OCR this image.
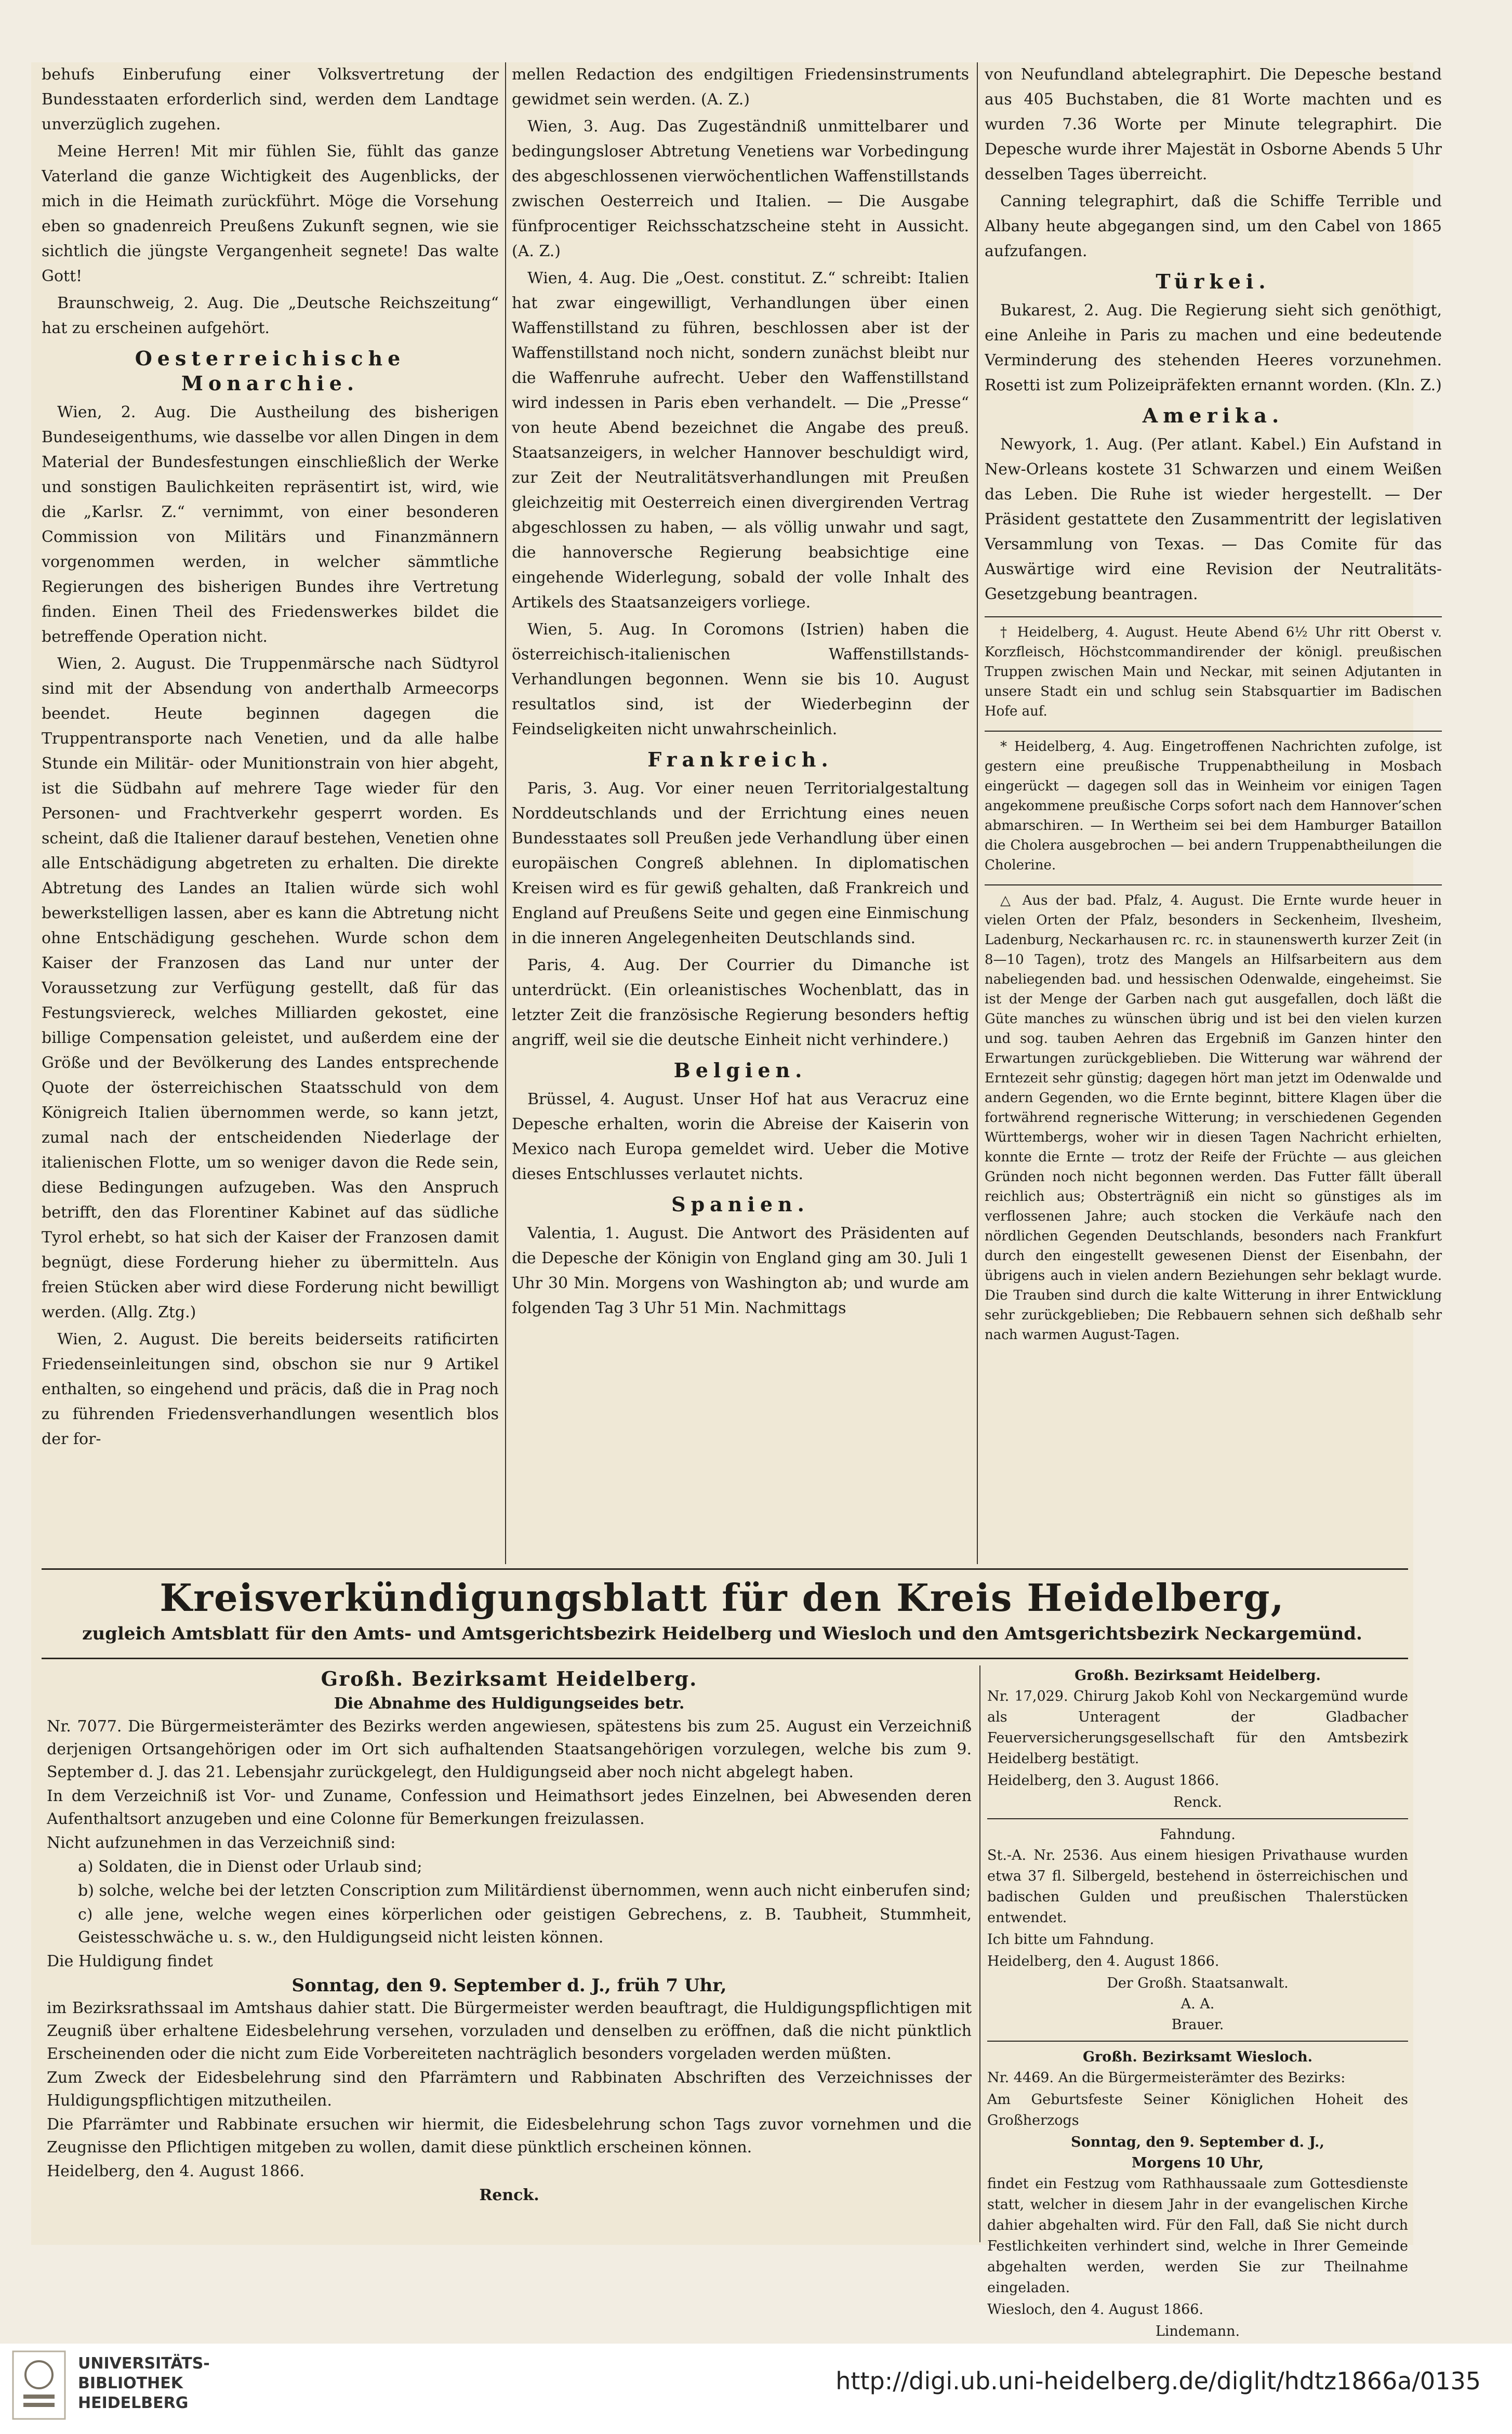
behufs Einberufung einer Volksvertretung der Bundesstaaten erforderlich sind, werden dem Landtage unverzüglich zugehen.

Meine Herren! Mit mir fühlen Sie, fühlt das ganze Vaterland die ganze Wichtigkeit des Augenblicks, der mich in die Heimath zurückführt. Möge die Vorsehung eben so gnadenreich Preußens Zukunft segnen, wie sie sichtlich die jüngste Vergangenheit segnete! Das walte Gott!

Braunschweig, 2. Aug. Die „Deutsche Reichszeitung“ hat zu erscheinen aufgehört.

Oesterreichische Monarchie.

Wien, 2. Aug. Die Austheilung des bisherigen Bundeseigenthums, wie dasselbe vor allen Dingen in dem Material der Bundesfestungen einschließlich der Werke und sonstigen Baulichkeiten repräsentirt ist, wird, wie die „Karlsr. Z.“ vernimmt, von einer besonderen Commission von Militärs und Finanzmännern vorgenommen werden, in welcher sämmtliche Regierungen des bisherigen Bundes ihre Vertretung finden. Einen Theil des Friedenswerkes bildet die betreffende Operation nicht.

Wien, 2. August. Die Truppenmärsche nach Südtyrol sind mit der Absendung von anderthalb Armeecorps beendet. Heute beginnen dagegen die Truppentransporte nach Venetien, und da alle halbe Stunde ein Militär- oder Munitionstrain von hier abgeht, ist die Südbahn auf mehrere Tage wieder für den Personen- und Frachtverkehr gesperrt worden. Es scheint, daß die Italiener darauf bestehen, Venetien ohne alle Entschädigung abgetreten zu erhalten. Die direkte Abtretung des Landes an Italien würde sich wohl bewerkstelligen lassen, aber es kann die Abtretung nicht ohne Entschädigung geschehen. Wurde schon dem Kaiser der Franzosen das Land nur unter der Voraussetzung zur Verfügung gestellt, daß für das Festungsviereck, welches Milliarden gekostet, eine billige Compensation geleistet, und außerdem eine der Größe und der Bevölkerung des Landes entsprechende Quote der österreichischen Staatsschuld von dem Königreich Italien übernommen werde, so kann jetzt, zumal nach der entscheidenden Niederlage der italienischen Flotte, um so weniger davon die Rede sein, diese Bedingungen aufzugeben. Was den Anspruch betrifft, den das Florentiner Kabinet auf das südliche Tyrol erhebt, so hat sich der Kaiser der Franzosen damit begnügt, diese Forderung hieher zu übermitteln. Aus freien Stücken aber wird diese Forderung nicht bewilligt werden. (Allg. Ztg.)

Wien, 2. August. Die bereits beiderseits ratificirten Friedenseinleitungen sind, obschon sie nur 9 Artikel enthalten, so eingehend und präcis, daß die in Prag noch zu führenden Friedensverhandlungen wesentlich blos der for-

mellen Redaction des endgiltigen Friedensinstruments gewidmet sein werden. (A. Z.)

Wien, 3. Aug. Das Zugeständniß unmittelbarer und bedingungsloser Abtretung Venetiens war Vorbedingung des abgeschlossenen vierwöchentlichen Waffenstillstands zwischen Oesterreich und Italien. — Die Ausgabe fünfprocentiger Reichsschatzscheine steht in Aussicht. (A. Z.)

Wien, 4. Aug. Die „Oest. constitut. Z.“ schreibt: Italien hat zwar eingewilligt, Verhandlungen über einen Waffenstillstand zu führen, beschlossen aber ist der Waffenstillstand noch nicht, sondern zunächst bleibt nur die Waffenruhe aufrecht. Ueber den Waffenstillstand wird indessen in Paris eben verhandelt. — Die „Presse“ von heute Abend bezeichnet die Angabe des preuß. Staatsanzeigers, in welcher Hannover beschuldigt wird, zur Zeit der Neutralitätsverhandlungen mit Preußen gleichzeitig mit Oesterreich einen divergirenden Vertrag abgeschlossen zu haben, — als völlig unwahr und sagt, die hannoversche Regierung beabsichtige eine eingehende Widerlegung, sobald der volle Inhalt des Artikels des Staatsanzeigers vorliege.

Wien, 5. Aug. In Coromons (Istrien) haben die österreichisch-italienischen Waffenstillstands-Verhandlungen begonnen. Wenn sie bis 10. August resultatlos sind, ist der Wiederbeginn der Feindseligkeiten nicht unwahrscheinlich.

Frankreich.

Paris, 3. Aug. Vor einer neuen Territorialgestaltung Norddeutschlands und der Errichtung eines neuen Bundesstaates soll Preußen jede Verhandlung über einen europäischen Congreß ablehnen. In diplomatischen Kreisen wird es für gewiß gehalten, daß Frankreich und England auf Preußens Seite und gegen eine Einmischung in die inneren Angelegenheiten Deutschlands sind.

Paris, 4. Aug. Der Courrier du Dimanche ist unterdrückt. (Ein orleanistisches Wochenblatt, das in letzter Zeit die französische Regierung besonders heftig angriff, weil sie die deutsche Einheit nicht verhindere.)

Belgien.

Brüssel, 4. August. Unser Hof hat aus Veracruz eine Depesche erhalten, worin die Abreise der Kaiserin von Mexico nach Europa gemeldet wird. Ueber die Motive dieses Entschlusses verlautet nichts.

Spanien.

Valentia, 1. August. Die Antwort des Präsidenten auf die Depesche der Königin von England ging am 30. Juli 1 Uhr 30 Min. Morgens von Washington ab; und wurde am folgenden Tag 3 Uhr 51 Min. Nachmittags

von Neufundland abtelegraphirt. Die Depesche bestand aus 405 Buchstaben, die 81 Worte machten und es wurden 7.36 Worte per Minute telegraphirt. Die Depesche wurde ihrer Majestät in Osborne Abends 5 Uhr desselben Tages überreicht.

Canning telegraphirt, daß die Schiffe Terrible und Albany heute abgegangen sind, um den Cabel von 1865 aufzufangen.

Türkei.

Bukarest, 2. Aug. Die Regierung sieht sich genöthigt, eine Anleihe in Paris zu machen und eine bedeutende Verminderung des stehenden Heeres vorzunehmen. Rosetti ist zum Polizeipräfekten ernannt worden. (Kln. Z.)

Amerika.

Newyork, 1. Aug. (Per atlant. Kabel.) Ein Aufstand in New-Orleans kostete 31 Schwarzen und einem Weißen das Leben. Die Ruhe ist wieder hergestellt. — Der Präsident gestattete den Zusammentritt der legislativen Versammlung von Texas. — Das Comite für das Auswärtige wird eine Revision der Neutralitäts-Gesetzgebung beantragen.

† Heidelberg, 4. August. Heute Abend 6½ Uhr ritt Oberst v. Korzfleisch, Höchstcommandirender der königl. preußischen Truppen zwischen Main und Neckar, mit seinen Adjutanten in unsere Stadt ein und schlug sein Stabsquartier im Badischen Hofe auf.

* Heidelberg, 4. Aug. Eingetroffenen Nachrichten zufolge, ist gestern eine preußische Truppenabtheilung in Mosbach eingerückt — dagegen soll das in Weinheim vor einigen Tagen angekommene preußische Corps sofort nach dem Hannover’schen abmarschiren. — In Wertheim sei bei dem Hamburger Bataillon die Cholera ausgebrochen — bei andern Truppenabtheilungen die Cholerine.

△ Aus der bad. Pfalz, 4. August. Die Ernte wurde heuer in vielen Orten der Pfalz, besonders in Seckenheim, Ilvesheim, Ladenburg, Neckarhausen rc. rc. in staunenswerth kurzer Zeit (in 8—10 Tagen), trotz des Mangels an Hilfsarbeitern aus dem nabeliegenden bad. und hessischen Odenwalde, eingeheimst. Sie ist der Menge der Garben nach gut ausgefallen, doch läßt die Güte manches zu wünschen übrig und ist bei den vielen kurzen und sog. tauben Aehren das Ergebniß im Ganzen hinter den Erwartungen zurückgeblieben. Die Witterung war während der Erntezeit sehr günstig; dagegen hört man jetzt im Odenwalde und andern Gegenden, wo die Ernte beginnt, bittere Klagen über die fortwährend regnerische Witterung; in verschiedenen Gegenden Württembergs, woher wir in diesen Tagen Nachricht erhielten, konnte die Ernte — trotz der Reife der Früchte — aus gleichen Gründen noch nicht begonnen werden. Das Futter fällt überall reichlich aus; Obsterträgniß ein nicht so günstiges als im verflossenen Jahre; auch stocken die Verkäufe nach den nördlichen Gegenden Deutschlands, besonders nach Frankfurt durch den eingestellt gewesenen Dienst der Eisenbahn, der übrigens auch in vielen andern Beziehungen sehr beklagt wurde. Die Trauben sind durch die kalte Witterung in ihrer Entwicklung sehr zurückgeblieben; Die Rebbauern sehnen sich deßhalb sehr nach warmen August-Tagen.

Kreisverkündigungsblatt für den Kreis Heidelberg,
zugleich Amtsblatt für den Amts- und Amtsgerichtsbezirk Heidelberg und Wiesloch und den Amtsgerichtsbezirk Neckargemünd.
Großh. Bezirksamt Heidelberg.
Die Abnahme des Huldigungseides betr.

Nr. 7077. Die Bürgermeisterämter des Bezirks werden angewiesen, spätestens bis zum 25. August ein Verzeichniß derjenigen Ortsangehörigen oder im Ort sich aufhaltenden Staatsangehörigen vorzulegen, welche bis zum 9. September d. J. das 21. Lebensjahr zurückgelegt, den Huldigungseid aber noch nicht abgelegt haben.

In dem Verzeichniß ist Vor- und Zuname, Confession und Heimathsort jedes Einzelnen, bei Abwesenden deren Aufenthaltsort anzugeben und eine Colonne für Bemerkungen freizulassen.

Nicht aufzunehmen in das Verzeichniß sind:

a) Soldaten, die in Dienst oder Urlaub sind;

b) solche, welche bei der letzten Conscription zum Militärdienst übernommen, wenn auch nicht einberufen sind;

c) alle jene, welche wegen eines körperlichen oder geistigen Gebrechens, z. B. Taubheit, Stummheit, Geistesschwäche u. s. w., den Huldigungseid nicht leisten können.

Die Huldigung findet

Sonntag, den 9. September d. J., früh 7 Uhr,

im Bezirksrathssaal im Amtshaus dahier statt. Die Bürgermeister werden beauftragt, die Huldigungspflichtigen mit Zeugniß über erhaltene Eidesbelehrung versehen, vorzuladen und denselben zu eröffnen, daß die nicht pünktlich Erscheinenden oder die nicht zum Eide Vorbereiteten nachträglich besonders vorgeladen werden müßten.

Zum Zweck der Eidesbelehrung sind den Pfarrämtern und Rabbinaten Abschriften des Verzeichnisses der Huldigungspflichtigen mitzutheilen.

Die Pfarrämter und Rabbinate ersuchen wir hiermit, die Eidesbelehrung schon Tags zuvor vornehmen und die Zeugnisse den Pflichtigen mitgeben zu wollen, damit diese pünktlich erscheinen können.

Heidelberg, den 4. August 1866.

Renck.
Großh. Bezirksamt Heidelberg.

Nr. 17,029. Chirurg Jakob Kohl von Neckargemünd wurde als Unteragent der Gladbacher Feuerversicherungsgesellschaft für den Amtsbezirk Heidelberg bestätigt.

Heidelberg, den 3. August 1866.

Renck.
Fahndung.

St.-A. Nr. 2536. Aus einem hiesigen Privathause wurden etwa 37 fl. Silbergeld, bestehend in österreichischen und badischen Gulden und preußischen Thalerstücken entwendet.

Ich bitte um Fahndung.

Heidelberg, den 4. August 1866.

Der Großh. Staatsanwalt.
A. A.
Brauer.
Großh. Bezirksamt Wiesloch.

Nr. 4469. An die Bürgermeisterämter des Bezirks:

Am Geburtsfeste Seiner Königlichen Hoheit des Großherzogs

Sonntag, den 9. September d. J.,
Morgens 10 Uhr,

findet ein Festzug vom Rathhaussaale zum Gottesdienste statt, welcher in diesem Jahr in der evangelischen Kirche dahier abgehalten wird. Für den Fall, daß Sie nicht durch Festlichkeiten verhindert sind, welche in Ihrer Gemeinde abgehalten werden, werden Sie zur Theilnahme eingeladen.

Wiesloch, den 4. August 1866.

Lindemann.
UNIVERSITÄTS-
BIBLIOTHEK
HEIDELBERG
http://digi.ub.uni-heidelberg.de/diglit/hdtz1866a/0135
